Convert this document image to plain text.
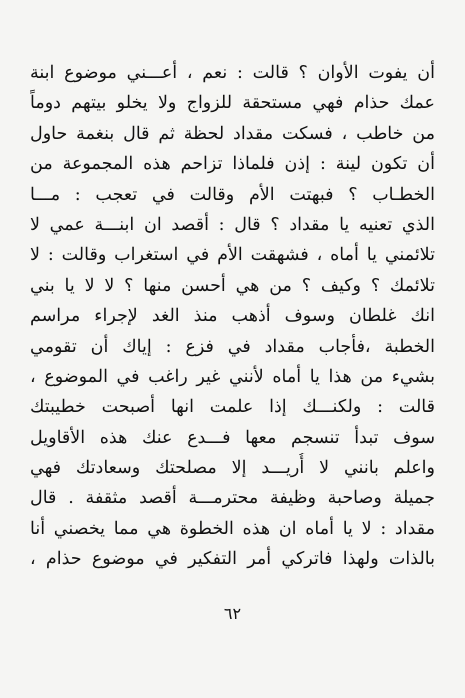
أن يفوت الأوان ؟ قالت : نعم ، أعـــني موضوع ابنة
عمك حذام فهي مستحقة للزواج ولا يخلو بيتهم دوماً
من خاطب ، فسكت مقداد لحظة ثم قال بنغمة حاول
أن تكون لينة : إذن فلماذا تزاحم هذه المجموعة من
الخطـاب ؟ فبهتت الأم وقالت في تعجب : مـــا
الذي تعنيه يا مقداد ؟ قال : أقصد ان ابنـــة عمي لا
تلائمني يا أماه ، فشهقت الأم في استغراب وقالت : لا
تلائمك ؟ وكيف ؟ من هي أحسن منها ؟ لا لا يا بني
انك غلطان وسوف أذهب منذ الغد لإجراء مراسم
الخطبة ،فأجاب مقداد في فزع : إياك أن تقومي
بشيء من هذا يا أماه لأنني غير راغب في الموضوع ،
قالت : ولكنـــك إذا علمت انها أصبحت خطيبتك
سوف تبدأ تنسجم معها فـــدع عنك هذه الأقاويل
واعلم بانني لا أُريـــد إلا مصلحتك وسعادتك فهي
جميلة وصاحبة وظيفة محترمـــة أقصد مثقفة . قال
مقداد : لا يا أماه ان هذه الخطوة هي مما يخصني أنا
بالذات ولهذا فاتركي أمر التفكير في موضوع حذام ،
٦٢
